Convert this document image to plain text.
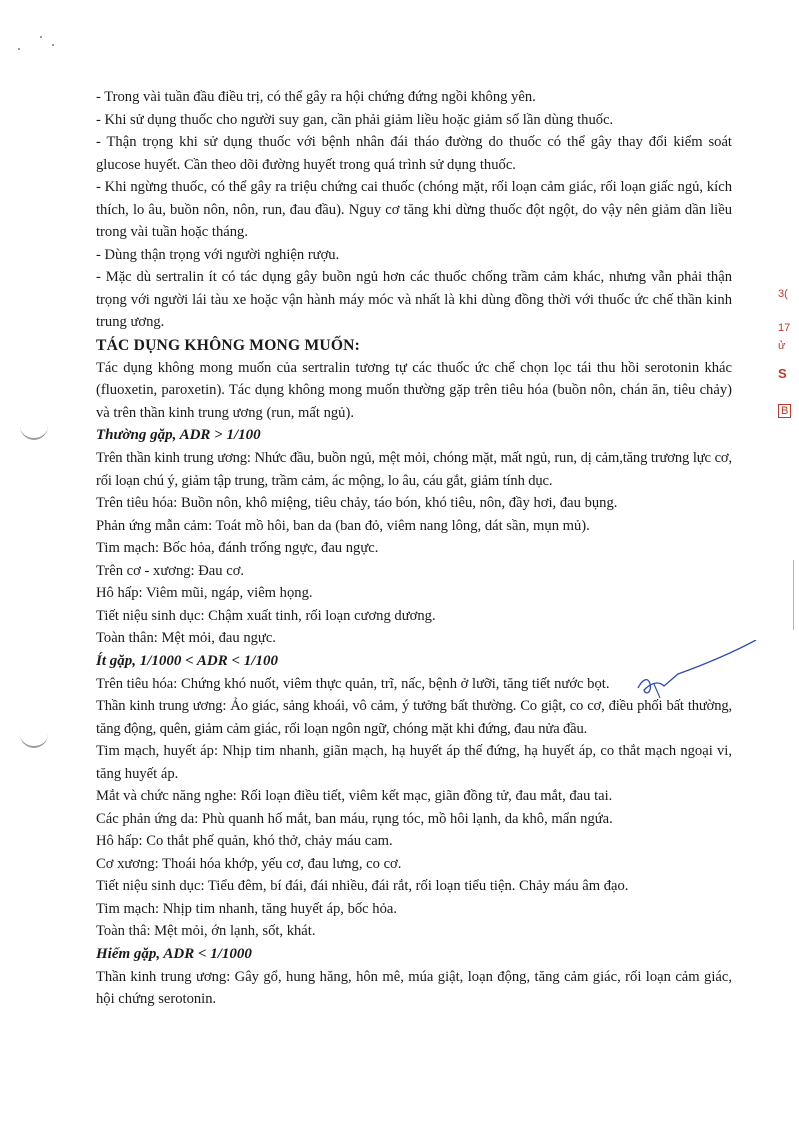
- Trong vài tuần đầu điều trị, có thể gây ra hội chứng đứng ngồi không yên.

- Khi sử dụng thuốc cho người suy gan, cần phải giảm liều hoặc giảm số lần dùng thuốc.

- Thận trọng khi sử dụng thuốc với bệnh nhân đái tháo đường do thuốc có thể gây thay đổi kiểm soát glucose huyết. Cần theo dõi đường huyết trong quá trình sử dụng thuốc.

- Khi ngừng thuốc, có thể gây ra triệu chứng cai thuốc (chóng mặt, rối loạn cảm giác, rối loạn giấc ngủ, kích thích, lo âu, buồn nôn, nôn, run, đau đầu). Nguy cơ tăng khi dừng thuốc đột ngột, do vậy nên giảm dần liều trong vài tuần hoặc tháng.

- Dùng thận trọng với người nghiện rượu.

- Mặc dù sertralin ít có tác dụng gây buồn ngủ hơn các thuốc chống trầm cảm khác, nhưng vẫn phải thận trọng với người lái tàu xe hoặc vận hành máy móc và nhất là khi dùng đồng thời với thuốc ức chế thần kinh trung ương.

TÁC DỤNG KHÔNG MONG MUỐN:

Tác dụng không mong muốn của sertralin tương tự các thuốc ức chế chọn lọc tái thu hồi serotonin khác (fluoxetin, paroxetin). Tác dụng không mong muốn thường gặp trên tiêu hóa (buồn nôn, chán ăn, tiêu chảy) và trên thần kinh trung ương (run, mất ngủ).

Thường gặp, ADR > 1/100

Trên thần kinh trung ương: Nhức đầu, buồn ngủ, mệt mỏi, chóng mặt, mất ngủ, run, dị cảm,tăng trương lực cơ, rối loạn chú ý, giảm tập trung, trầm cảm, ác mộng, lo âu, cáu gắt, giảm tính dục.

Trên tiêu hóa: Buồn nôn, khô miệng, tiêu chảy, táo bón, khó tiêu, nôn, đầy hơi, đau bụng.

Phản ứng mẫn cảm: Toát mồ hôi, ban da (ban đỏ, viêm nang lông, dát sần, mụn mủ).

Tim mạch: Bốc hỏa, đánh trống ngực, đau ngực.

Trên cơ - xương: Đau cơ.

Hô hấp: Viêm mũi, ngáp, viêm họng.

Tiết niệu sinh dục: Chậm xuất tinh, rối loạn cương dương.

Toàn thân: Mệt mỏi, đau ngực.

Ít gặp, 1/1000 < ADR < 1/100

Trên tiêu hóa: Chứng khó nuốt, viêm thực quản, trĩ, nấc, bệnh ở lưỡi, tăng tiết nước bọt.

Thần kinh trung ương: Ảo giác, sảng khoái, vô cảm, ý tưởng bất thường. Co giật, co cơ, điều phối bất thường, tăng động, quên, giảm cảm giác, rối loạn ngôn ngữ, chóng mặt khi đứng, đau nửa đầu.

Tim mạch, huyết áp: Nhịp tim nhanh, giãn mạch, hạ huyết áp thế đứng, hạ huyết áp, co thắt mạch ngoại vi, tăng huyết áp.

Mắt và chức năng nghe: Rối loạn điều tiết, viêm kết mạc, giãn đồng tử, đau mắt, đau tai.

Các phản ứng da: Phù quanh hố mắt, ban máu, rụng tóc, mồ hôi lạnh, da khô, mẩn ngứa.

Hô hấp: Co thắt phế quản, khó thở, chảy máu cam.

Cơ xương: Thoái hóa khớp, yếu cơ, đau lưng, co cơ.

Tiết niệu sinh dục: Tiểu đêm, bí đái, đái nhiều, đái rắt, rối loạn tiểu tiện. Chảy máu âm đạo.

Tim mạch: Nhịp tim nhanh, tăng huyết áp, bốc hỏa.

Toàn thâ: Mệt mỏi, ớn lạnh, sốt, khát.

Hiếm gặp, ADR < 1/1000

Thần kinh trung ương: Gây gổ, hung hăng, hôn mê, múa giật, loạn động, tăng cảm giác, rối loạn cảm giác, hội chứng serotonin.

3(
17
ử
S
B
